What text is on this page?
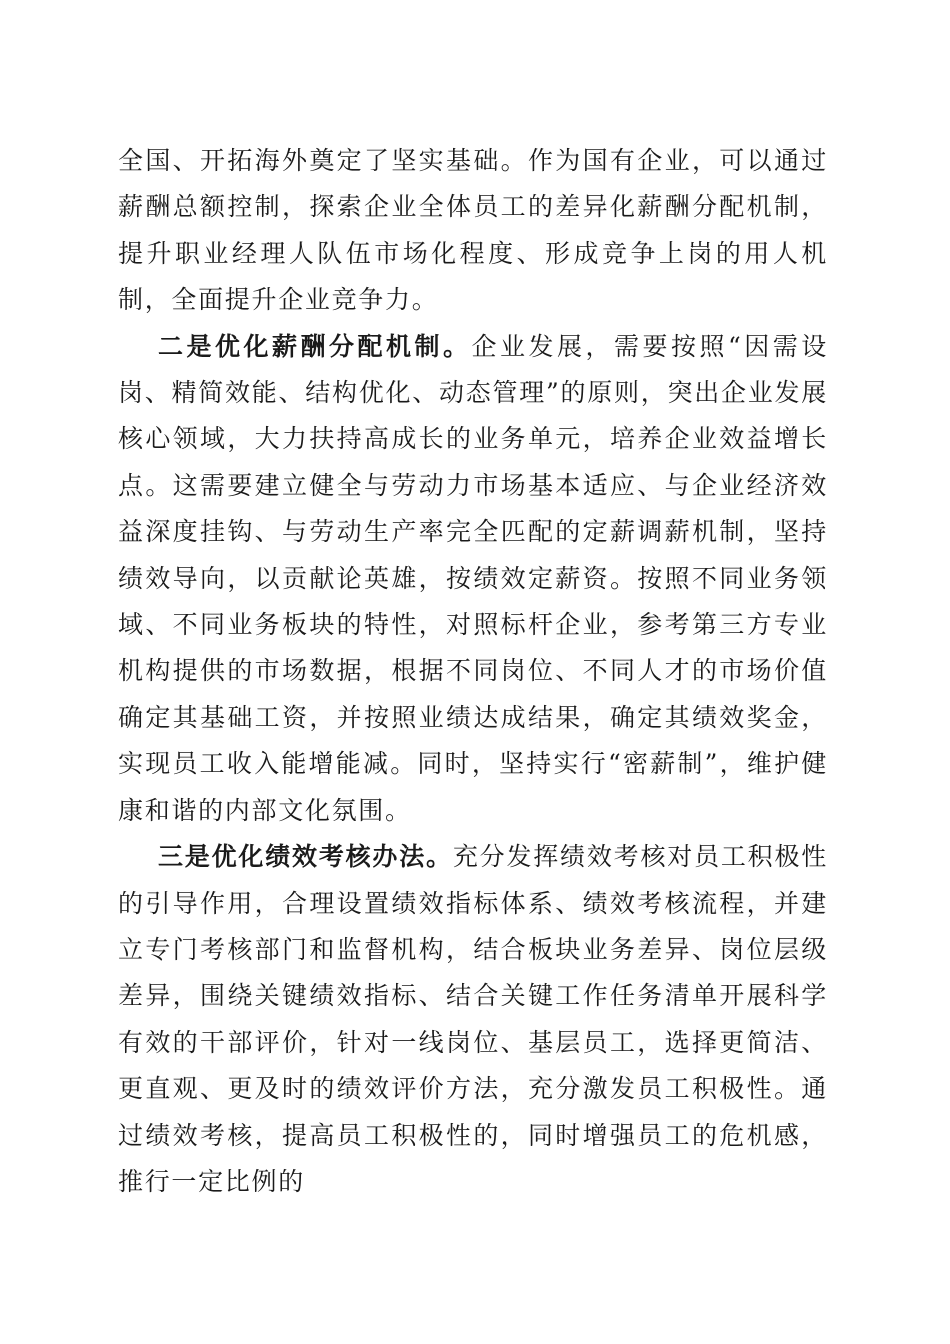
全国、开拓海外奠定了坚实基础。作为国有企业，可以通过薪酬总额控制，探索企业全体员工的差异化薪酬分配机制，提升职业经理人队伍市场化程度、形成竞争上岗的用人机制，全面提升企业竞争力。

二是优化薪酬分配机制。企业发展，需要按照“因需设岗、精简效能、结构优化、动态管理”的原则，突出企业发展核心领域，大力扶持高成长的业务单元，培养企业效益增长点。这需要建立健全与劳动力市场基本适应、与企业经济效益深度挂钩、与劳动生产率完全匹配的定薪调薪机制，坚持绩效导向，以贡献论英雄，按绩效定薪资。按照不同业务领域、不同业务板块的特性，对照标杆企业，参考第三方专业机构提供的市场数据，根据不同岗位、不同人才的市场价值确定其基础工资，并按照业绩达成结果，确定其绩效奖金，实现员工收入能增能减。同时，坚持实行“密薪制”，维护健康和谐的内部文化氛围。

三是优化绩效考核办法。充分发挥绩效考核对员工积极性的引导作用，合理设置绩效指标体系、绩效考核流程，并建立专门考核部门和监督机构，结合板块业务差异、岗位层级差异，围绕关键绩效指标、结合关键工作任务清单开展科学有效的干部评价，针对一线岗位、基层员工，选择更简洁、更直观、更及时的绩效评价方法，充分激发员工积极性。通过绩效考核，提高员工积极性的，同时增强员工的危机感，推行一定比例的
